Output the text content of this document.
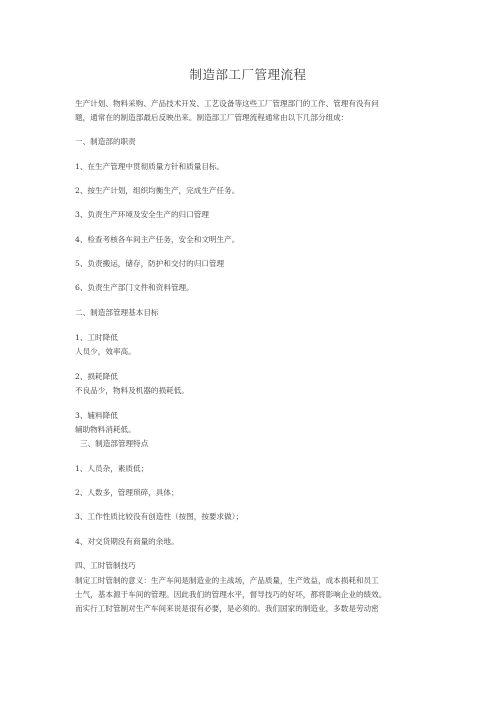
制造部工厂管理流程
生产计划、物料采购、产品技术开发、工艺设备等这些工厂管理部门的工作、管理有没有问
题，通常在的制造部最后反映出来。制造部工厂管理流程通常由以下几部分组成：
一、制造部的职责
1、在生产管理中贯彻质量方针和质量目标。
2、按生产计划，组织均衡生产，完成生产任务。
3、负责生产环境及安全生产的归口管理
4、检查考核各车间主产任务，安全和文明生产。
5、负责搬运，储存，防护和交付的归口管理
6、负责生产部门文件和资料管理。
二、制造部管理基本目标
1、工时降低
人员少，效率高。
2、损耗降低
不良品少，物料及机器的损耗低。
3、辅料降低
辅助物料消耗低。
三、制造部管理特点
1、人员杂，素质低；
2、人数多，管理琐碎，具体；
3、工作性质比较没有创造性（按图，按要求做）；
4、对交货期没有商量的余地。
四、工时管制技巧
制定工时管制的意义：生产车间是制造业的主战场，产品质量，生产效益，成本损耗和员工
士气，基本源于车间的管理。因此我们的管理水平，督导技巧的好坏，都将影响企业的绩效。
而实行工时管制对生产车间来说是很有必要，是必须的。我们国家的制造业，多数是劳动密
